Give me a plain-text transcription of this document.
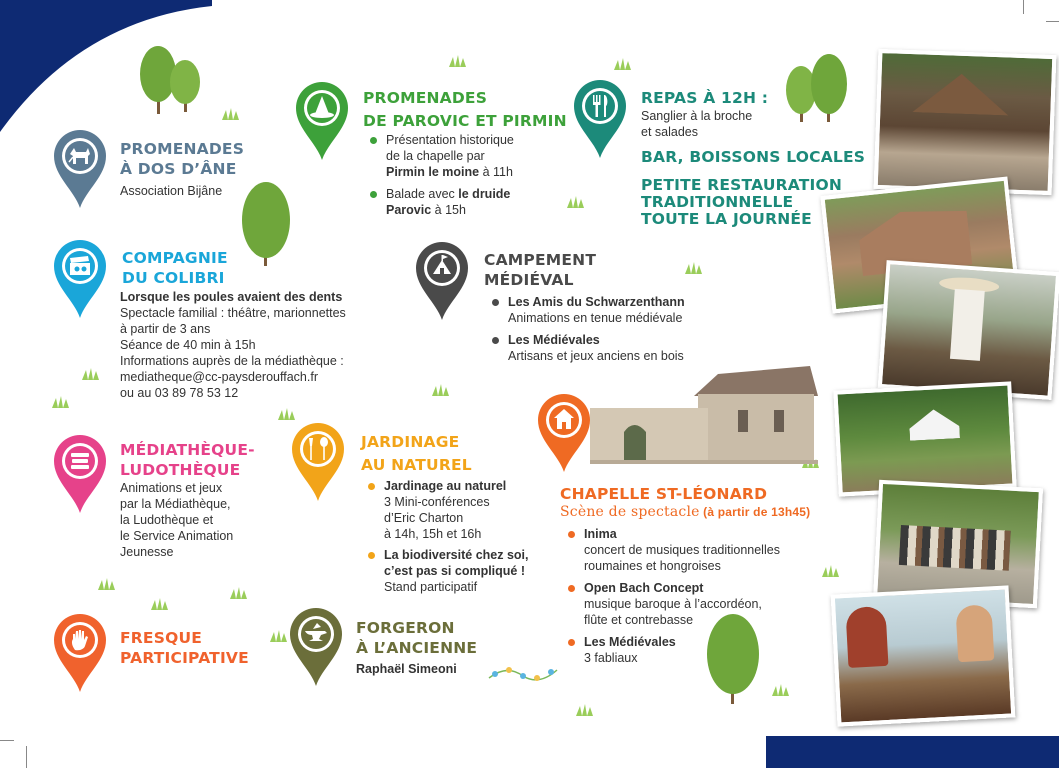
PROMENADES
À DOS D’ÂNE
Association Bijâne
COMPAGNIE
DU COLIBRI
Lorsque les poules avaient des dents
Spectacle familial : théâtre, marionnettes
à partir de 3 ans
Séance de 40 min à 15h
Informations auprès de la médiathèque :
mediatheque@cc-paysderouffach.fr
ou au 03 89 78 53 12
MÉDIATHÈQUE-
LUDOTHÈQUE
Animations et jeux
par la Médiathèque,
la Ludothèque et
le Service Animation
Jeunesse
FRESQUE
PARTICIPATIVE
PROMENADES
DE PAROVIC ET PIRMIN
Présentation historique
de la chapelle par
Pirmin le moine à 11h
Balade avec le druide
Parovic à 15h
CAMPEMENT
MÉDIÉVAL
Les Amis du Schwarzenthann
Animations en tenue médiévale
Les Médiévales
Artisans et jeux anciens en bois
JARDINAGE
AU NATUREL
Jardinage au naturel
3 Mini-conférences
d’Eric Charton
à 14h, 15h et 16h
La biodiversité chez soi,
c’est pas si compliqué !
Stand participatif
FORGERON
À L’ANCIENNE
Raphaël Simeoni
REPAS À 12H :
Sanglier à la broche
et salades
BAR, BOISSONS LOCALES
PETITE RESTAURATION
TRADITIONNELLE
TOUTE LA JOURNÉE
CHAPELLE ST-LÉONARD
Scène de spectacle (à partir de 13h45)
Inima
concert de musiques traditionnelles
roumaines et hongroises
Open Bach Concept
musique baroque à l’accordéon,
flûte et contrebasse
Les Médiévales
3 fabliaux
